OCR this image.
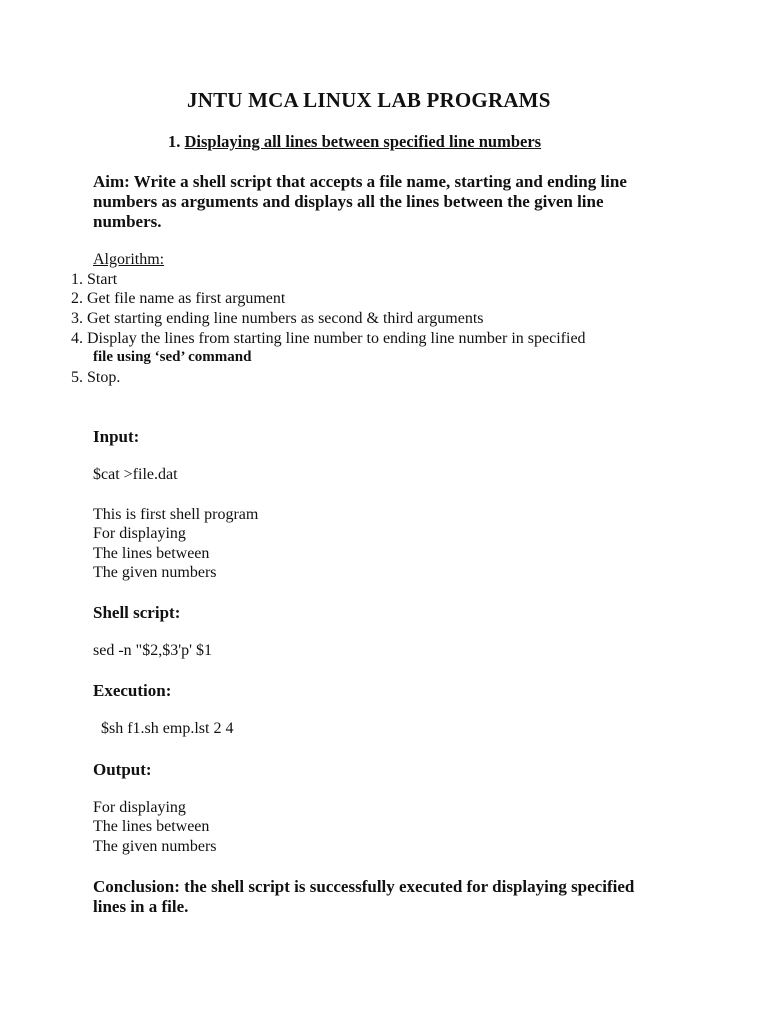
JNTU MCA LINUX LAB PROGRAMS
1. Displaying all lines between specified line numbers
Aim: Write a shell script that accepts a file name, starting and ending line
numbers as arguments and displays all the lines between the given line
numbers.
Algorithm:
1. Start
2. Get file name as first argument
3. Get starting ending line numbers as second & third arguments
4. Display the lines from starting line number to ending line number in specified
file using ‘sed’ command
5. Stop.
Input:
$cat >file.dat
This is first shell program
For displaying
The lines between
The given numbers
Shell script:
sed -n "$2,$3'p' $1
Execution:
$sh f1.sh emp.lst 2 4
Output:
For displaying
The lines between
The given numbers
Conclusion: the shell script is successfully executed for displaying specified
lines in a file.
